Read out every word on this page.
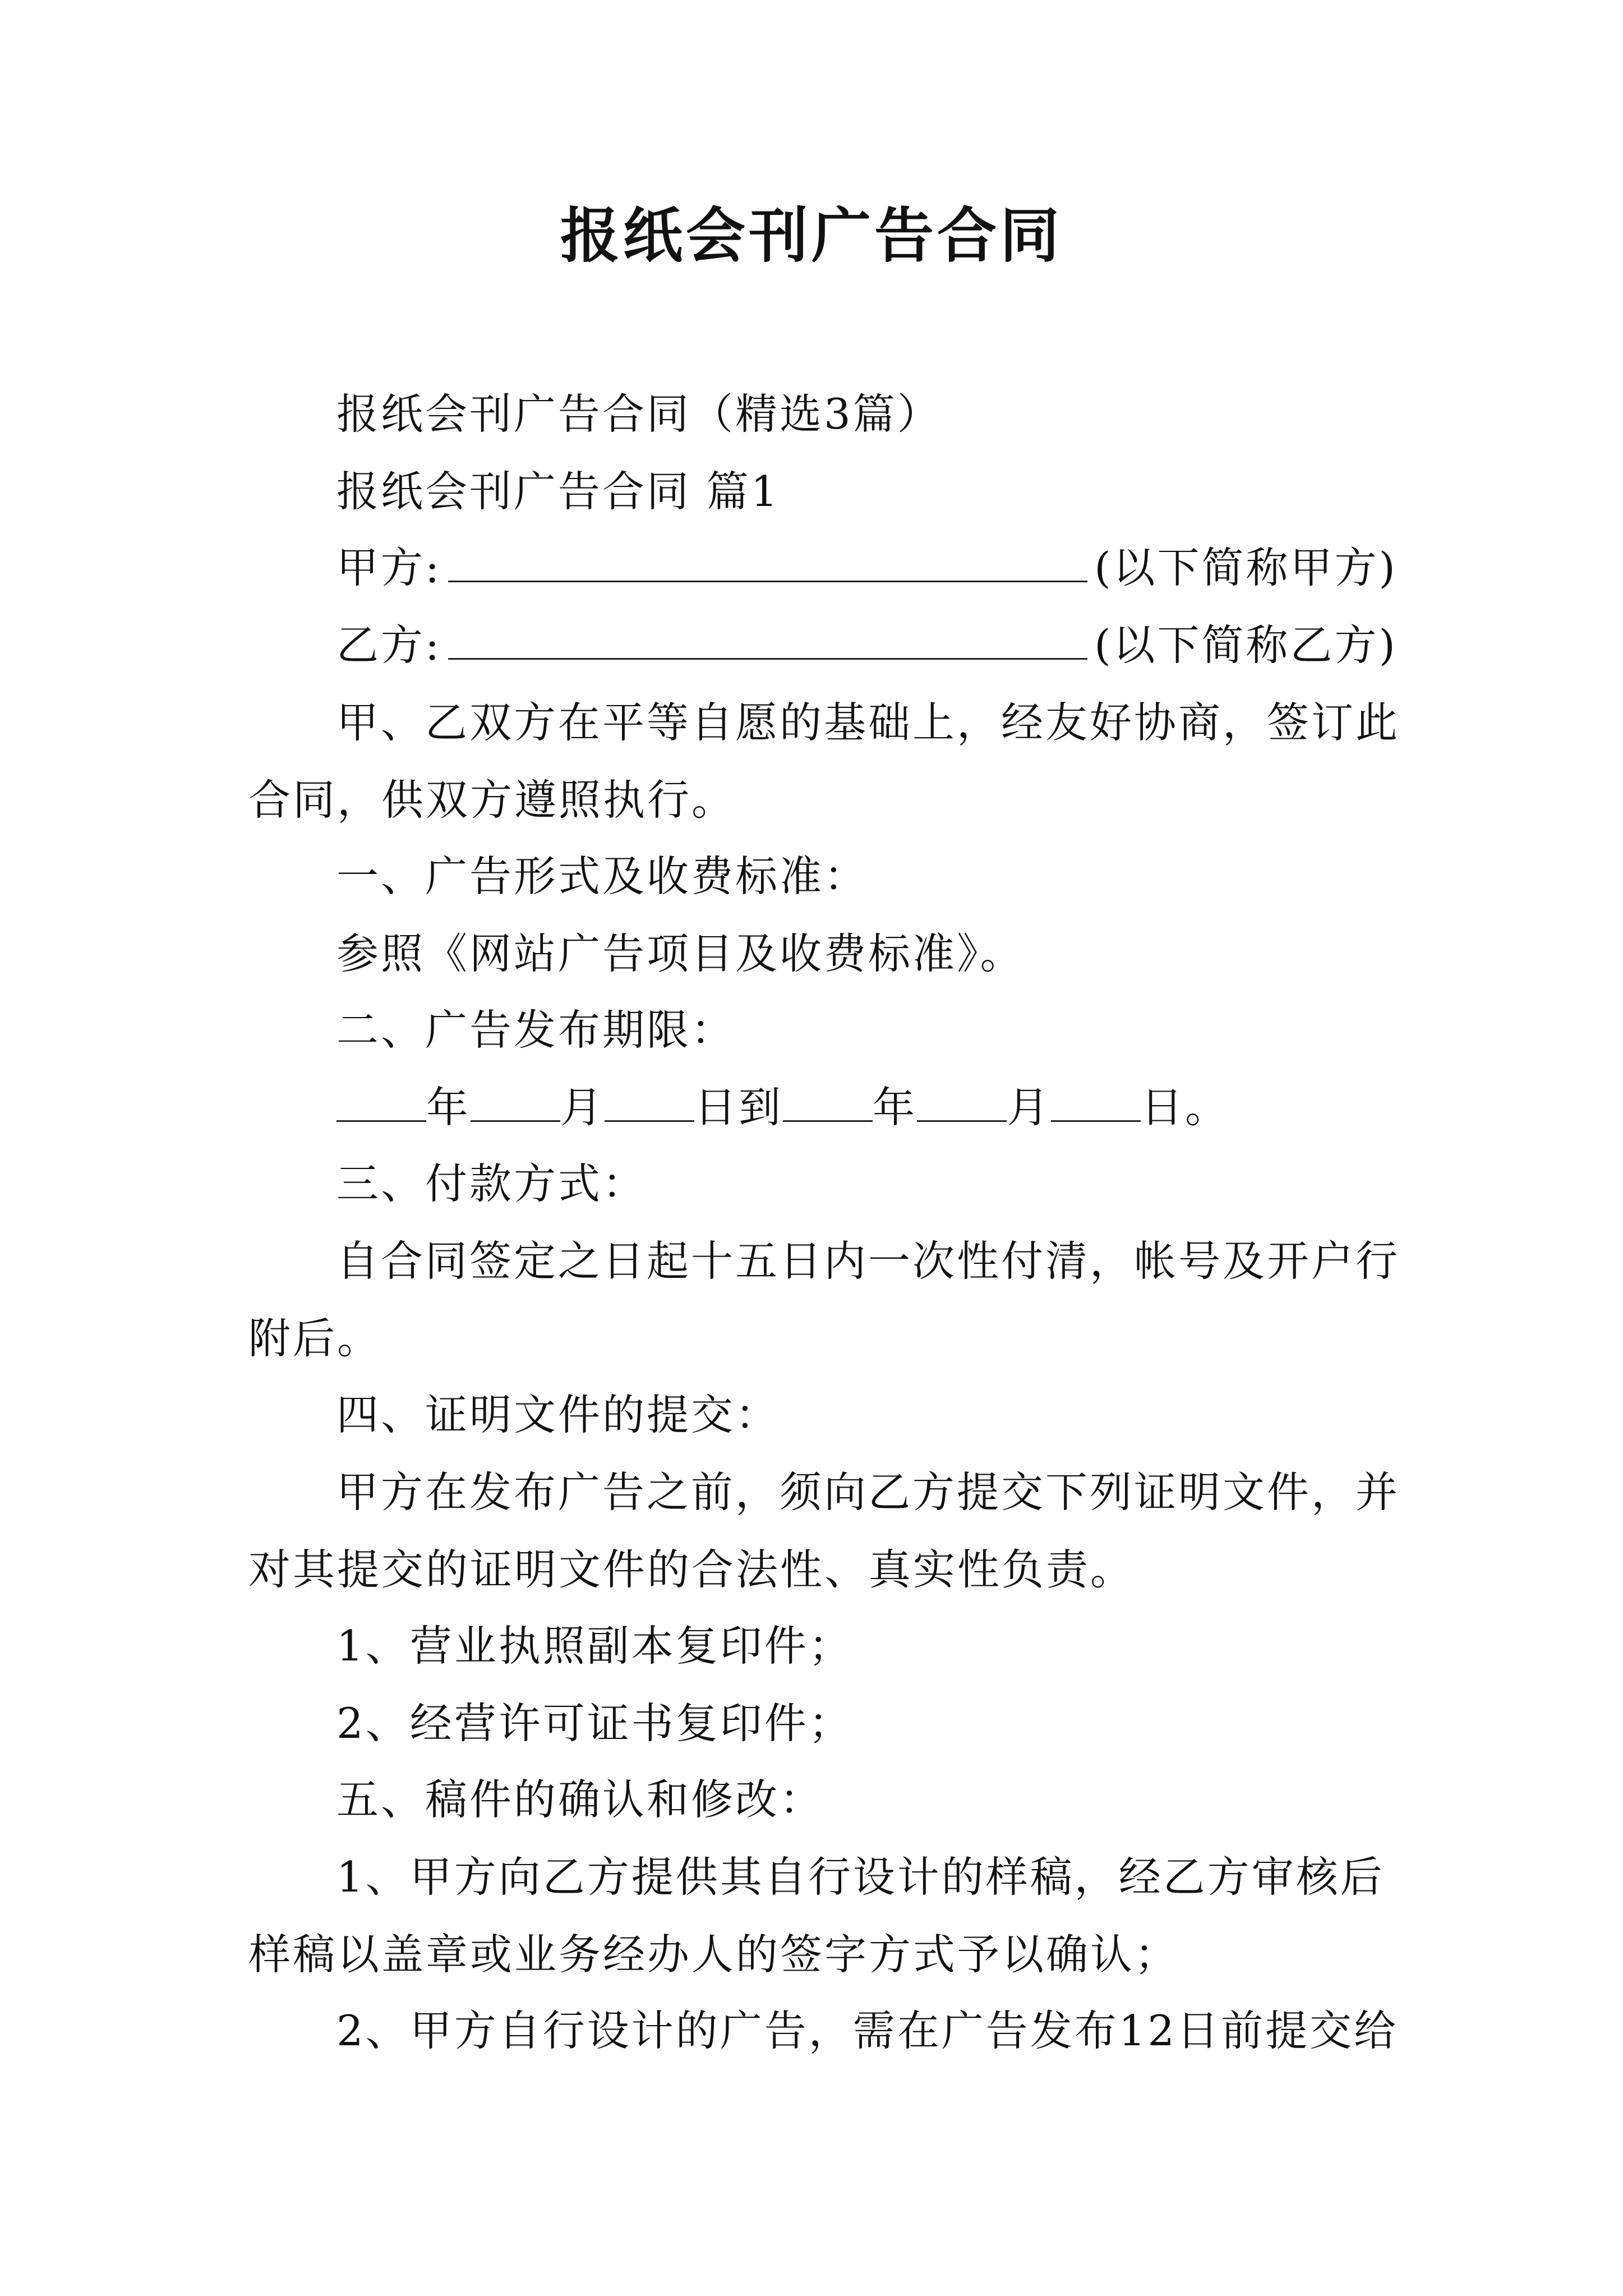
报纸会刊广告合同
报纸会刊广告合同（精选3篇）
报纸会刊广告合同 篇1
甲方:	(以下简称甲方)
乙方:	(以下简称乙方)
甲、乙双方在平等自愿的基础上，经友好协商，签订此
合同，供双方遵照执行。
一、广告形式及收费标准：
参照《网站广告项目及收费标准》。
二、广告发布期限：
年 月 日到 年 月 日。
三、付款方式：
自合同签定之日起十五日内一次性付清，帐号及开户行
附后。
四、证明文件的提交：
甲方在发布广告之前，须向乙方提交下列证明文件，并
对其提交的证明文件的合法性、真实性负责。
1、营业执照副本复印件；
2、经营许可证书复印件；
五、稿件的确认和修改：
1、甲方向乙方提供其自行设计的样稿，经乙方审核后
样稿以盖章或业务经办人的签字方式予以确认；
2、甲方自行设计的广告，需在广告发布12日前提交给
